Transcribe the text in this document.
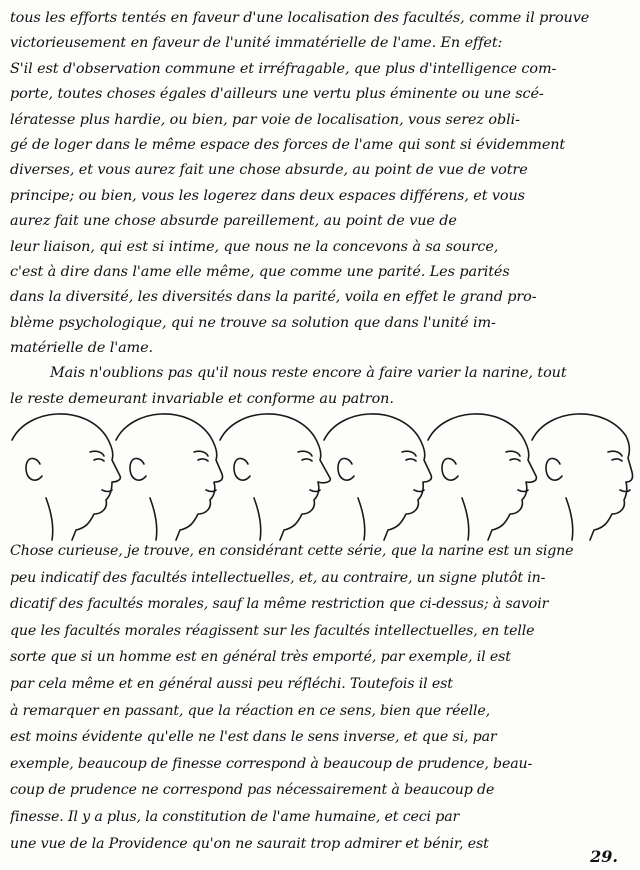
tous les efforts tentés en faveur d'une localisation des facultés, comme il prouve
victorieusement en faveur de l'unité immatérielle de l'ame. En effet:
S'il est d'observation commune et irréfragable, que plus d'intelligence com-
porte, toutes choses égales d'ailleurs une vertu plus éminente ou une scé-
lératesse plus hardie, ou bien, par voie de localisation, vous serez obli-
gé de loger dans le même espace des forces de l'ame qui sont si évidemment
diverses, et vous aurez fait une chose absurde, au point de vue de votre
principe; ou bien, vous les logerez dans deux espaces différens, et vous
aurez fait une chose absurde pareillement, au point de vue de
leur liaison, qui est si intime, que nous ne la concevons à sa source,
c'est à dire dans l'ame elle même, que comme une parité. Les parités
dans la diversité, les diversités dans la parité, voila en effet le grand pro-
blème psychologique, qui ne trouve sa solution que dans l'unité im-
matérielle de l'ame.
Mais n'oublions pas qu'il nous reste encore à faire varier la narine, tout
le reste demeurant invariable et conforme au patron.
Chose curieuse, je trouve, en considérant cette série, que la narine est un signe
peu indicatif des facultés intellectuelles, et, au contraire, un signe plutôt in-
dicatif des facultés morales, sauf la même restriction que ci-dessus; à savoir
que les facultés morales réagissent sur les facultés intellectuelles, en telle
sorte que si un homme est en général très emporté, par exemple, il est
par cela même et en général aussi peu réfléchi. Toutefois il est
à remarquer en passant, que la réaction en ce sens, bien que réelle,
est moins évidente qu'elle ne l'est dans le sens inverse, et que si, par
exemple, beaucoup de finesse correspond à beaucoup de prudence, beau-
coup de prudence ne correspond pas nécessairement à beaucoup de
finesse. Il y a plus, la constitution de l'ame humaine, et ceci par
une vue de la Providence qu'on ne saurait trop admirer et bénir, est
29.
